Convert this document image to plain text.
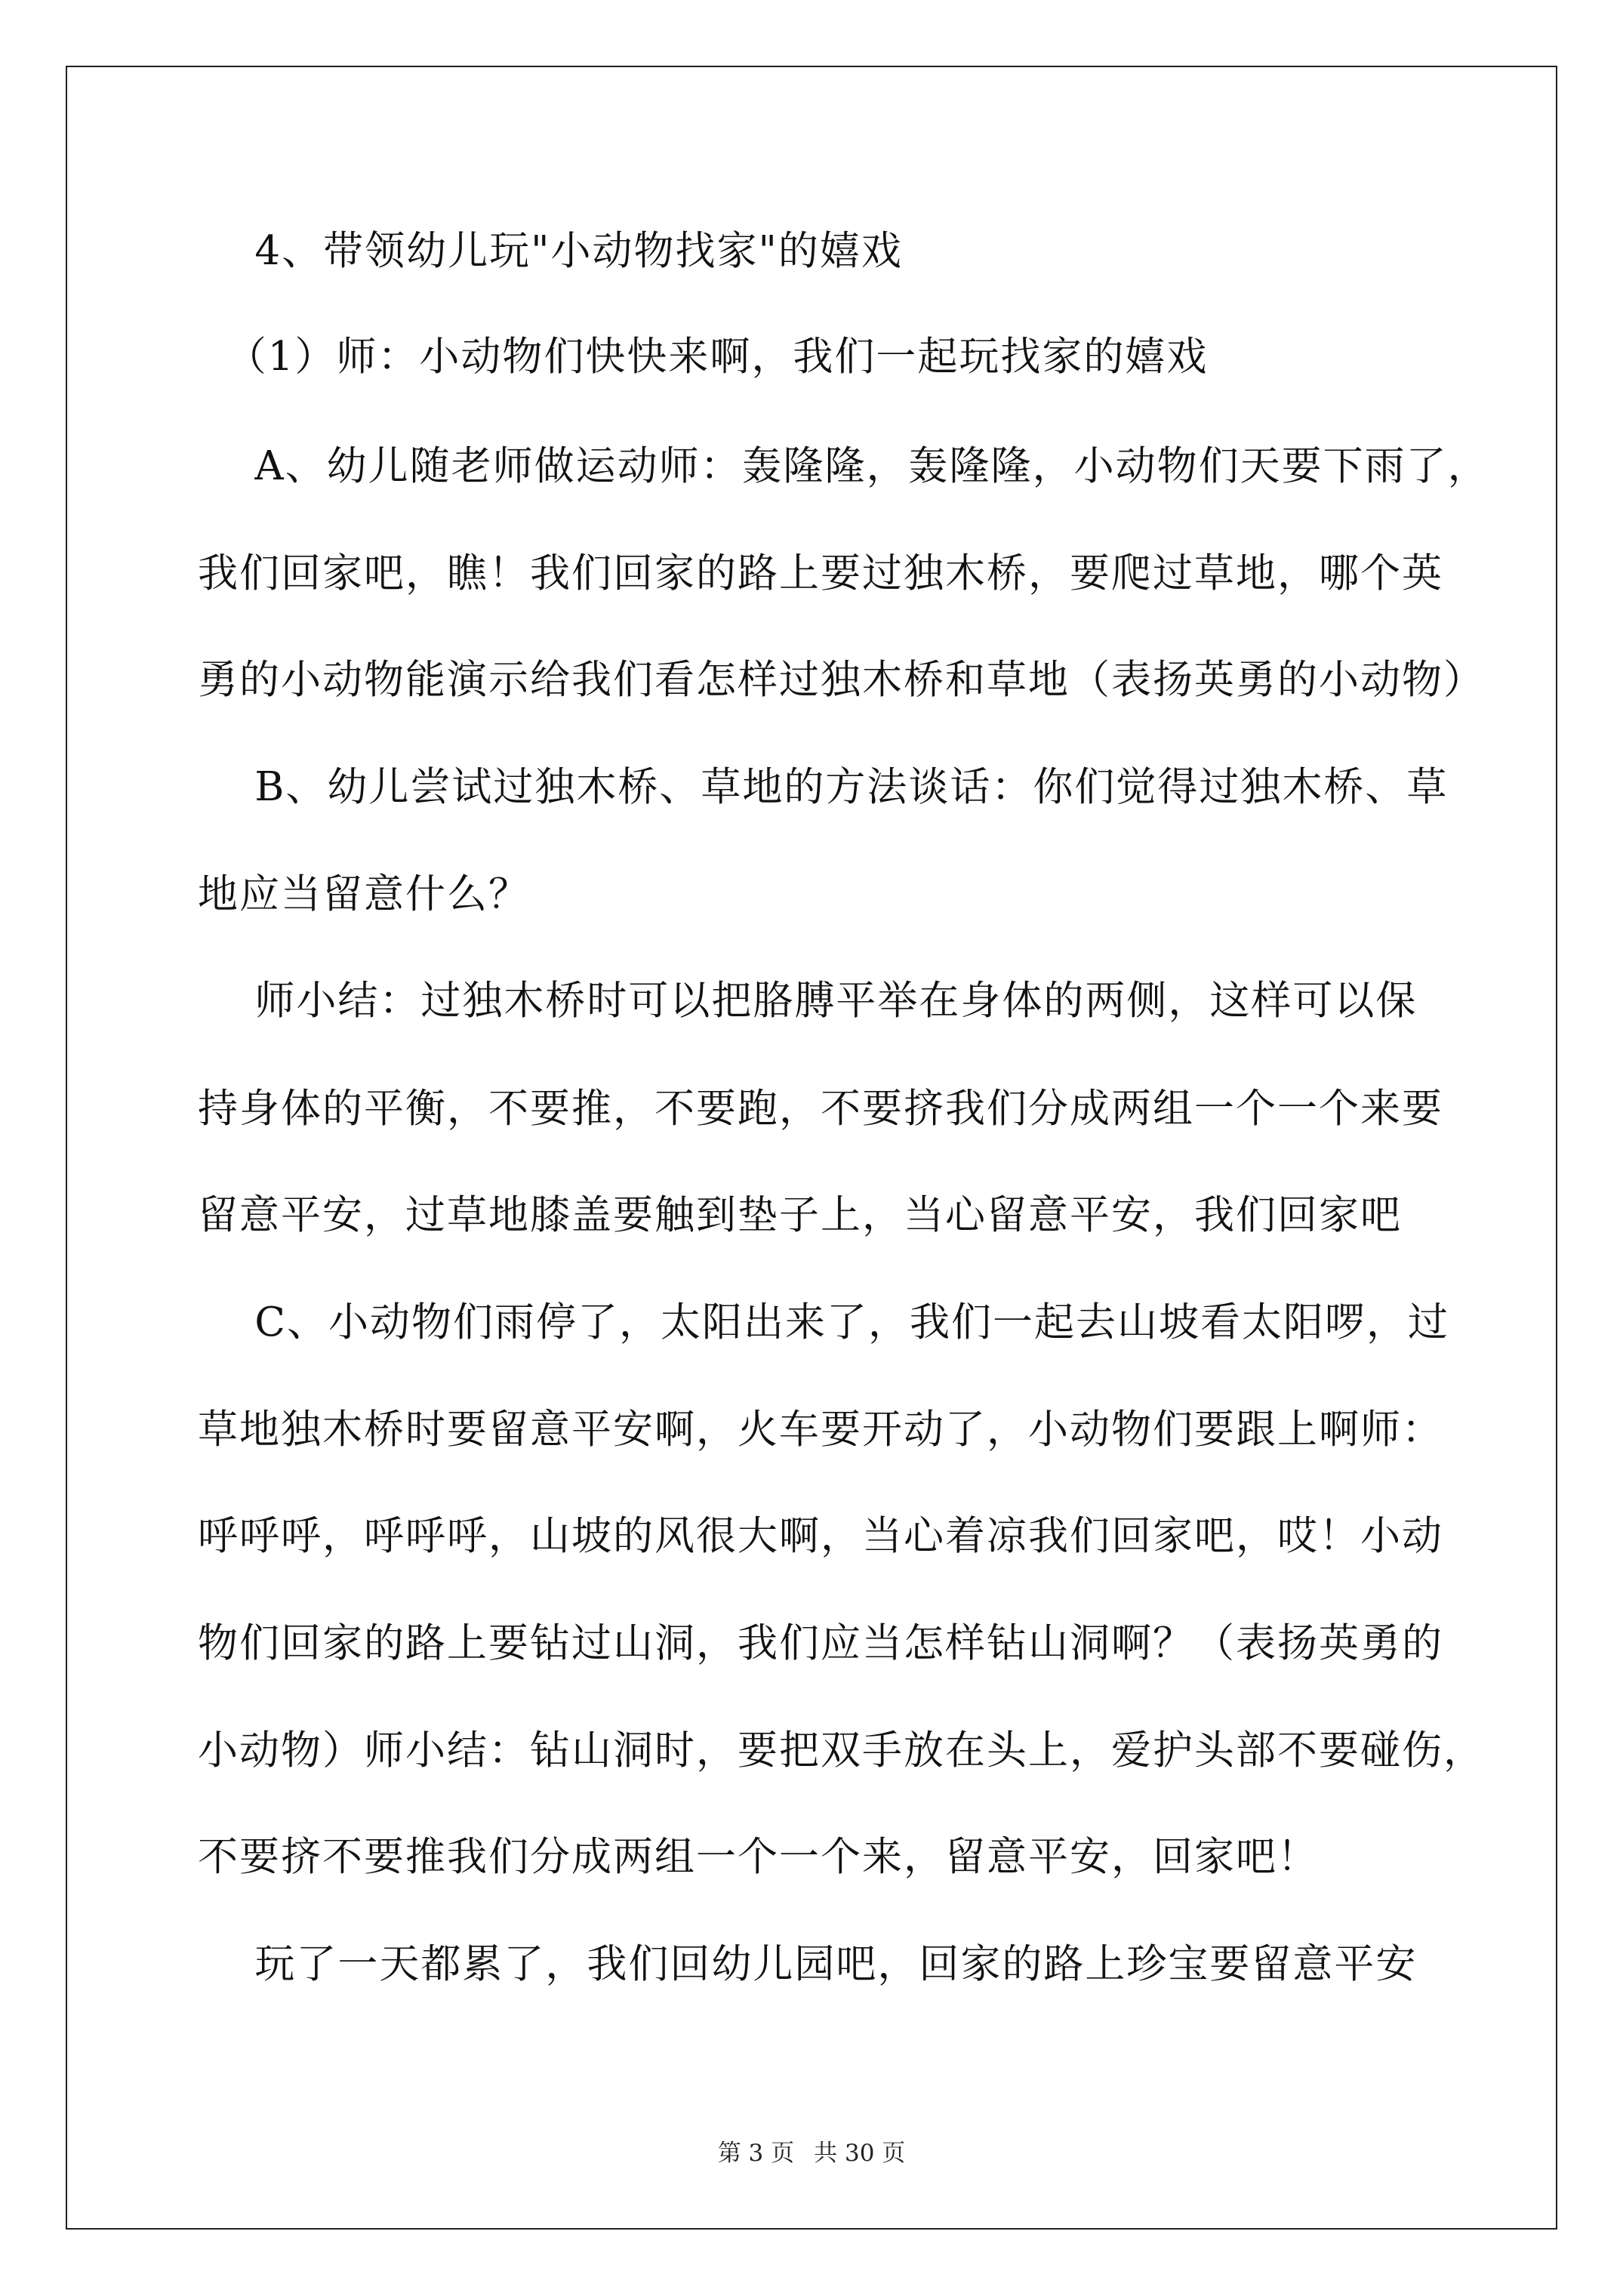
4、带领幼儿玩"小动物找家"的嬉戏
（1）师：小动物们快快来啊，我们一起玩找家的嬉戏
A、幼儿随老师做运动师：轰隆隆，轰隆隆，小动物们天要下雨了，
我们回家吧，瞧！我们回家的路上要过独木桥，要爬过草地，哪个英
勇的小动物能演示给我们看怎样过独木桥和草地（表扬英勇的小动物）
B、幼儿尝试过独木桥、草地的方法谈话：你们觉得过独木桥、草
地应当留意什么？
师小结：过独木桥时可以把胳膊平举在身体的两侧，这样可以保
持身体的平衡，不要推，不要跑，不要挤我们分成两组一个一个来要
留意平安，过草地膝盖要触到垫子上，当心留意平安，我们回家吧
C、小动物们雨停了，太阳出来了，我们一起去山坡看太阳啰，过
草地独木桥时要留意平安啊，火车要开动了，小动物们要跟上啊师：
呼呼呼，呼呼呼，山坡的风很大啊，当心着凉我们回家吧，哎！小动
物们回家的路上要钻过山洞，我们应当怎样钻山洞啊？（表扬英勇的
小动物）师小结：钻山洞时，要把双手放在头上，爱护头部不要碰伤，
不要挤不要推我们分成两组一个一个来，留意平安，回家吧！
玩了一天都累了，我们回幼儿园吧，回家的路上珍宝要留意平安
第 3 页 共 30 页
